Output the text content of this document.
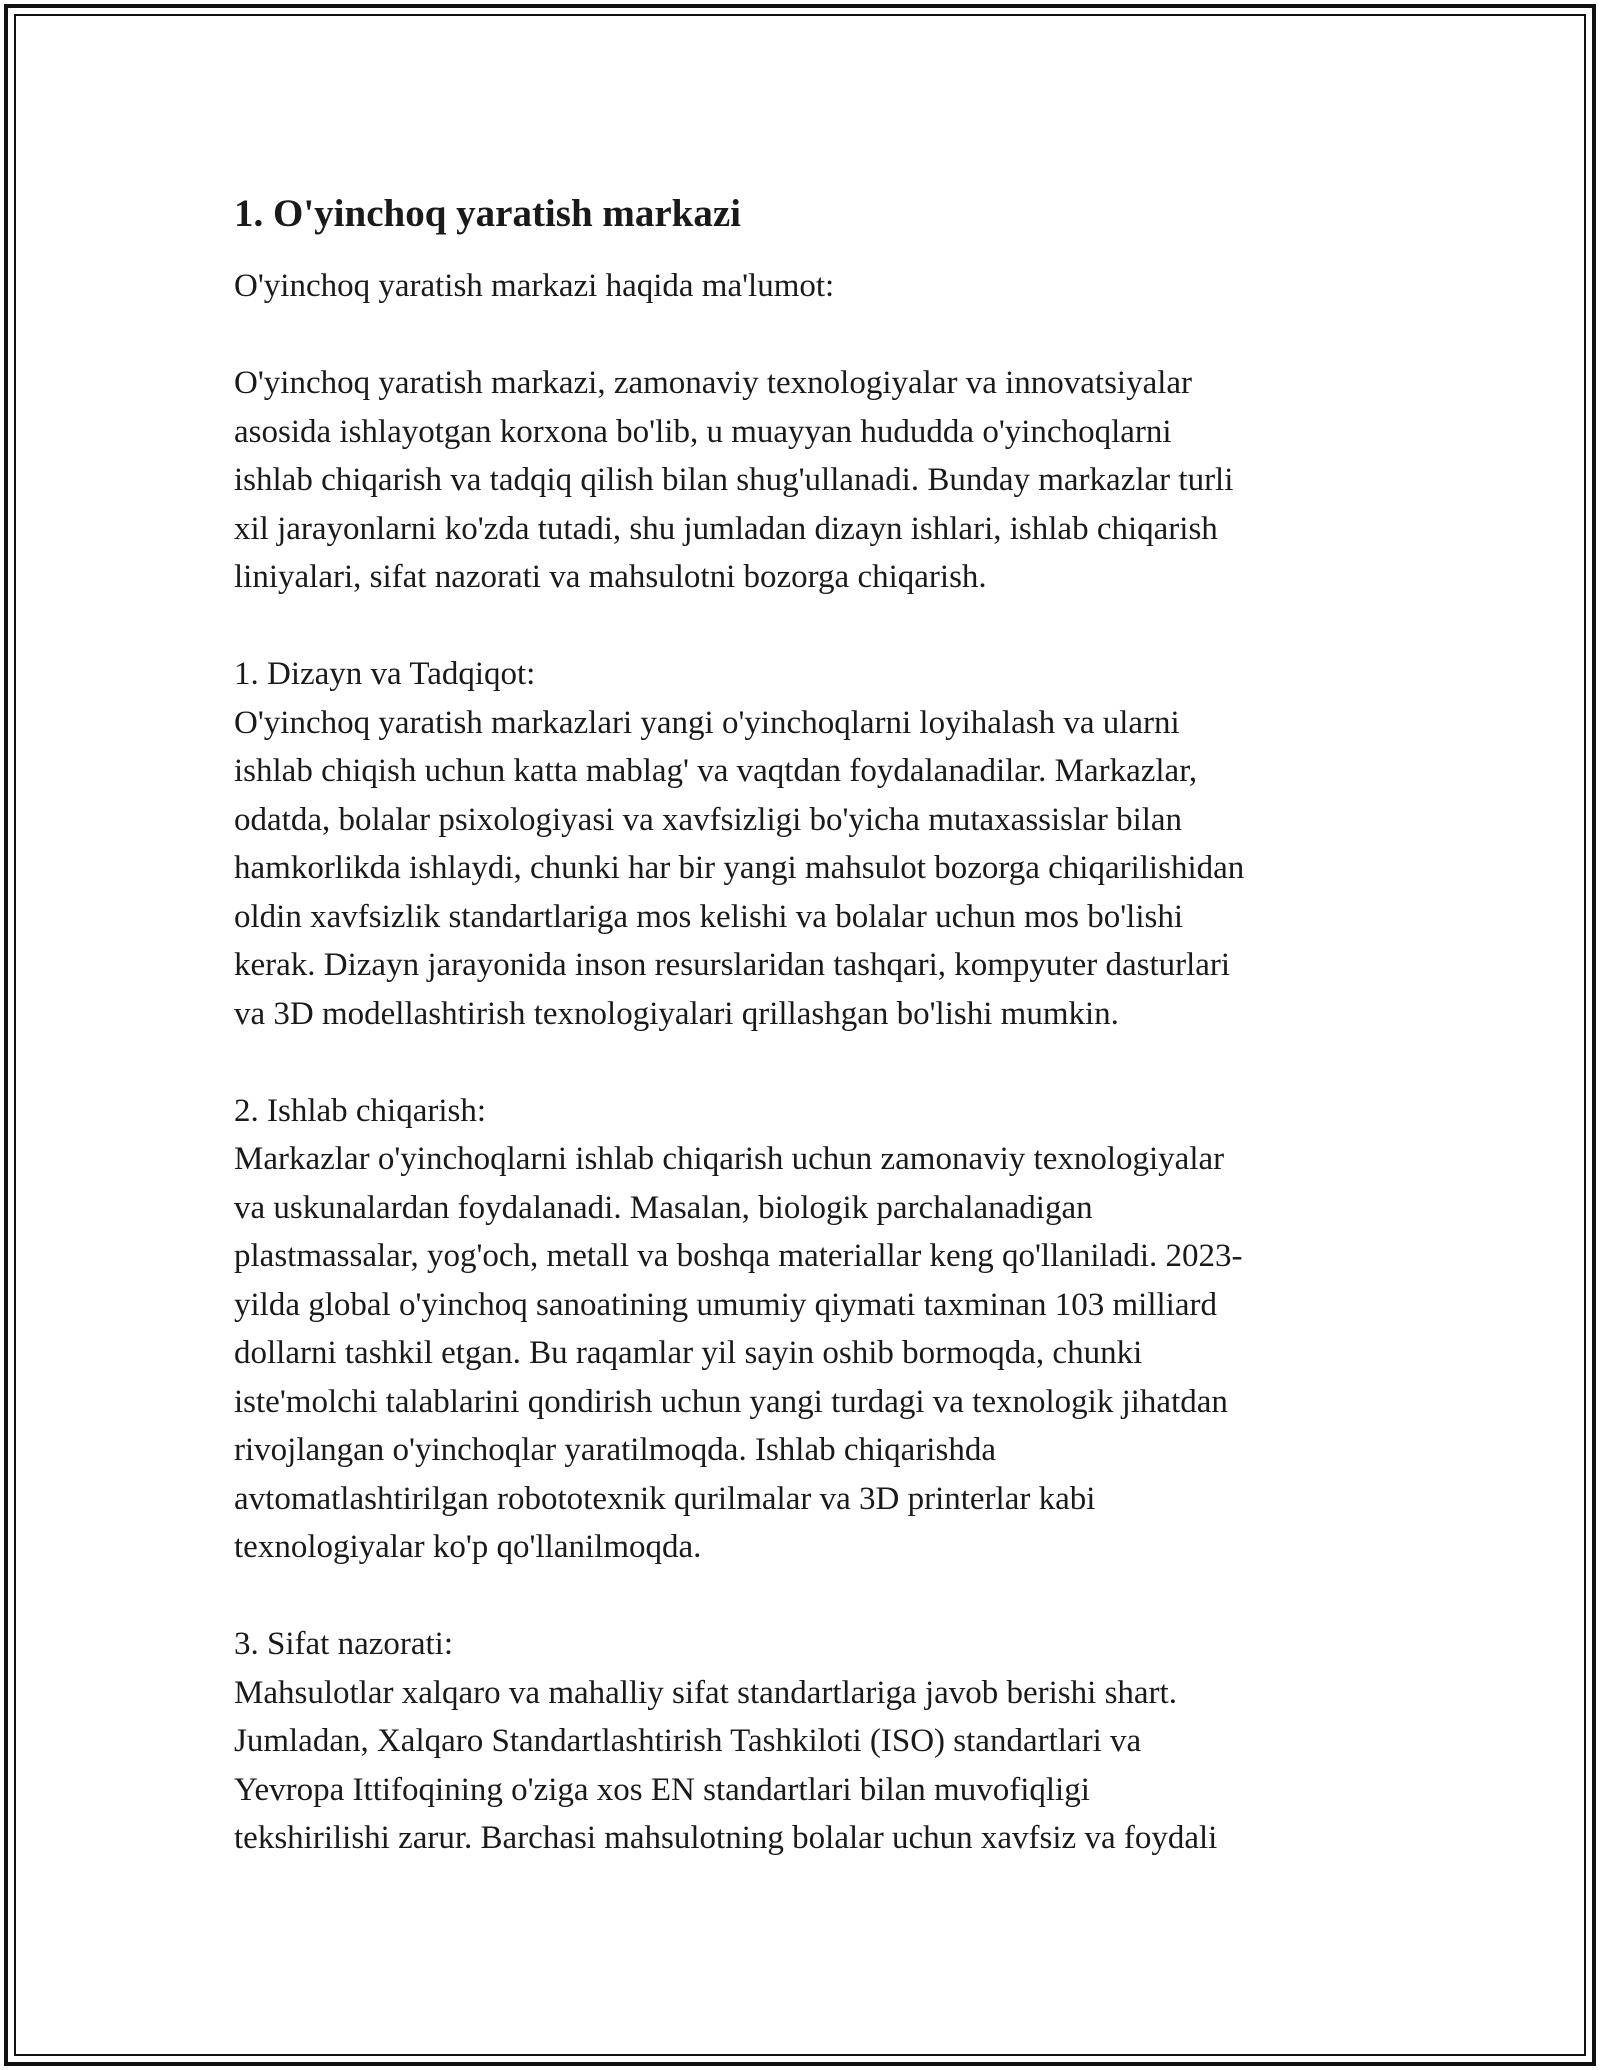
1. O'yinchoq yaratish markazi

O'yinchoq yaratish markazi haqida ma'lumot:

O'yinchoq yaratish markazi, zamonaviy texnologiyalar va innovatsiyalar
asosida ishlayotgan korxona bo'lib, u muayyan hududda o'yinchoqlarni
ishlab chiqarish va tadqiq qilish bilan shug'ullanadi. Bunday markazlar turli
xil jarayonlarni ko'zda tutadi, shu jumladan dizayn ishlari, ishlab chiqarish
liniyalari, sifat nazorati va mahsulotni bozorga chiqarish.

1. Dizayn va Tadqiqot:

O'yinchoq yaratish markazlari yangi o'yinchoqlarni loyihalash va ularni
ishlab chiqish uchun katta mablag' va vaqtdan foydalanadilar. Markazlar,
odatda, bolalar psixologiyasi va xavfsizligi bo'yicha mutaxassislar bilan
hamkorlikda ishlaydi, chunki har bir yangi mahsulot bozorga chiqarilishidan
oldin xavfsizlik standartlariga mos kelishi va bolalar uchun mos bo'lishi
kerak. Dizayn jarayonida inson resurslaridan tashqari, kompyuter dasturlari
va 3D modellashtirish texnologiyalari qrillashgan bo'lishi mumkin.

2. Ishlab chiqarish:

Markazlar o'yinchoqlarni ishlab chiqarish uchun zamonaviy texnologiyalar
va uskunalardan foydalanadi. Masalan, biologik parchalanadigan
plastmassalar, yog'och, metall va boshqa materiallar keng qo'llaniladi. 2023-
yilda global o'yinchoq sanoatining umumiy qiymati taxminan 103 milliard
dollarni tashkil etgan. Bu raqamlar yil sayin oshib bormoqda, chunki
iste'molchi talablarini qondirish uchun yangi turdagi va texnologik jihatdan
rivojlangan o'yinchoqlar yaratilmoqda. Ishlab chiqarishda
avtomatlashtirilgan robototexnik qurilmalar va 3D printerlar kabi
texnologiyalar ko'p qo'llanilmoqda.

3. Sifat nazorati:

Mahsulotlar xalqaro va mahalliy sifat standartlariga javob berishi shart.
Jumladan, Xalqaro Standartlashtirish Tashkiloti (ISO) standartlari va
Yevropa Ittifoqining o'ziga xos EN standartlari bilan muvofiqligi
tekshirilishi zarur. Barchasi mahsulotning bolalar uchun xavfsiz va foydali
